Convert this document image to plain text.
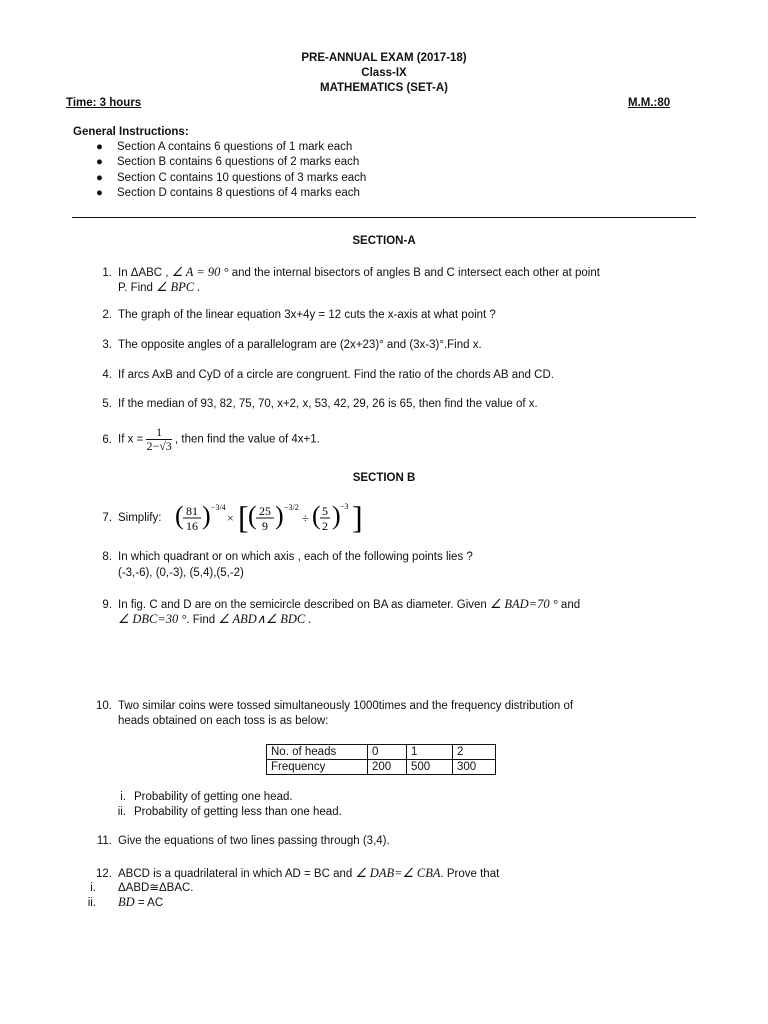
PRE-ANNUAL EXAM (2017-18)
Class-IX
MATHEMATICS (SET-A)
Time: 3 hours	M.M.:80
General Instructions:
● Section A contains 6 questions of 1 mark each
● Section B contains 6 questions of 2 marks each
● Section C contains 10 questions of 3 marks each
● Section D contains 8 questions of 4 marks each
SECTION-A
1. In ΔABC , ∠ A = 90 ° and the internal bisectors of angles B and C intersect each other at point
P. Find ∠ BPC .
2. The graph of the linear equation 3x+4y = 12 cuts the x-axis at what point ?
3. The opposite angles of a parallelogram are (2x+23)° and (3x-3)°.Find x.
4. If arcs AxB and CyD of a circle are congruent. Find the ratio of the chords AB and CD.
5. If the median of 93, 82, 75, 70, x+2, x, 53, 42, 29, 26 is 65, then find the value of x.
6. If $x = \frac{1}{2-√3}$ , then find the value of 4x+1.
SECTION B
7. Simplify: ( 81
16 ) −3/4
× [ ( 25
9 ) −3/2
÷ ( 5
2 ) −3 ]
8. In which quadrant or on which axis , each of the following points lies ?
(-3,-6), (0,-3), (5,4),(5,-2)
9. In fig. C and D are on the semicircle described on BA as diameter. Given ∠ BAD=70 ° and
∠ DBC=30 °. Find ∠ ABD∧∠ BDC .
10. Two similar coins were tossed simultaneously 1000times and the frequency distribution of
heads obtained on each toss is as below:
No. of heads	0	1	2
Frequency	200	500	300
i. Probability of getting one head.
ii. Probability of getting less than one head.
11. Give the equations of two lines passing through (3,4).
12. ABCD is a quadrilateral in which AD = BC and ∠ DAB=∠ CBA. Prove that
i. ΔABD≅ΔBAC.
ii. BD = AC
